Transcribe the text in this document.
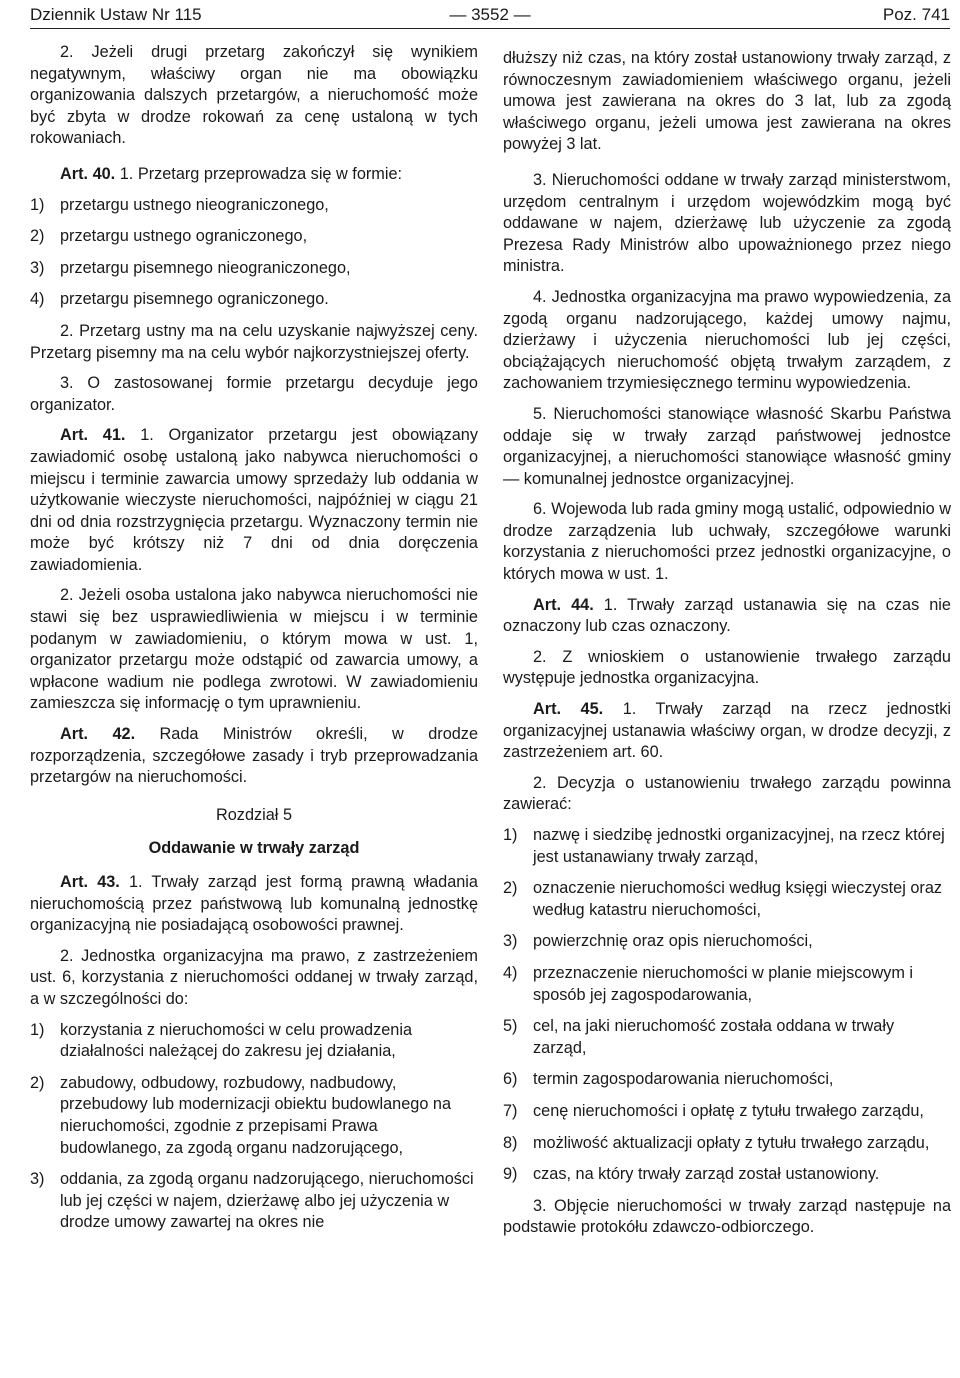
Dziennik Ustaw Nr 115	— 3552 —	Poz. 741

2. Jeżeli drugi przetarg zakończył się wynikiem negatywnym, właściwy organ nie ma obowiązku organizowania dalszych przetargów, a nieruchomość może być zbyta w drodze rokowań za cenę ustaloną w tych rokowaniach.

Art. 40. 1. Przetarg przeprowadza się w formie:

1) przetargu ustnego nieograniczonego,
2) przetargu ustnego ograniczonego,
3) przetargu pisemnego nieograniczonego,
4) przetargu pisemnego ograniczonego.

2. Przetarg ustny ma na celu uzyskanie najwyższej ceny. Przetarg pisemny ma na celu wybór najkorzystniejszej oferty.

3. O zastosowanej formie przetargu decyduje jego organizator.

Art. 41. 1. Organizator przetargu jest obowiązany zawiadomić osobę ustaloną jako nabywca nieruchomości o miejscu i terminie zawarcia umowy sprzedaży lub oddania w użytkowanie wieczyste nieruchomości, najpóźniej w ciągu 21 dni od dnia rozstrzygnięcia przetargu. Wyznaczony termin nie może być krótszy niż 7 dni od dnia doręczenia zawiadomienia.

2. Jeżeli osoba ustalona jako nabywca nieruchomości nie stawi się bez usprawiedliwienia w miejscu i w terminie podanym w zawiadomieniu, o którym mowa w ust. 1, organizator przetargu może odstąpić od zawarcia umowy, a wpłacone wadium nie podlega zwrotowi. W zawiadomieniu zamieszcza się informację o tym uprawnieniu.

Art. 42. Rada Ministrów określi, w drodze rozporządzenia, szczegółowe zasady i tryb przeprowadzania przetargów na nieruchomości.

Rozdział 5

Oddawanie w trwały zarząd

Art. 43. 1. Trwały zarząd jest formą prawną władania nieruchomością przez państwową lub komunalną jednostkę organizacyjną nie posiadającą osobowości prawnej.

2. Jednostka organizacyjna ma prawo, z zastrzeżeniem ust. 6, korzystania z nieruchomości oddanej w trwały zarząd, a w szczególności do:

1) korzystania z nieruchomości w celu prowadzenia działalności należącej do zakresu jej działania,
2) zabudowy, odbudowy, rozbudowy, nadbudowy, przebudowy lub modernizacji obiektu budowlanego na nieruchomości, zgodnie z przepisami Prawa budowlanego, za zgodą organu nadzorującego,
3) oddania, za zgodą organu nadzorującego, nieruchomości lub jej części w najem, dzierżawę albo jej użyczenia w drodze umowy zawartej na okres nie

dłuższy niż czas, na który został ustanowiony trwały zarząd, z równoczesnym zawiadomieniem właściwego organu, jeżeli umowa jest zawierana na okres do 3 lat, lub za zgodą właściwego organu, jeżeli umowa jest zawierana na okres powyżej 3 lat.

3. Nieruchomości oddane w trwały zarząd ministerstwom, urzędom centralnym i urzędom wojewódzkim mogą być oddawane w najem, dzierżawę lub użyczenie za zgodą Prezesa Rady Ministrów albo upoważnionego przez niego ministra.

4. Jednostka organizacyjna ma prawo wypowiedzenia, za zgodą organu nadzorującego, każdej umowy najmu, dzierżawy i użyczenia nieruchomości lub jej części, obciążających nieruchomość objętą trwałym zarządem, z zachowaniem trzymiesięcznego terminu wypowiedzenia.

5. Nieruchomości stanowiące własność Skarbu Państwa oddaje się w trwały zarząd państwowej jednostce organizacyjnej, a nieruchomości stanowiące własność gminy — komunalnej jednostce organizacyjnej.

6. Wojewoda lub rada gminy mogą ustalić, odpowiednio w drodze zarządzenia lub uchwały, szczegółowe warunki korzystania z nieruchomości przez jednostki organizacyjne, o których mowa w ust. 1.

Art. 44. 1. Trwały zarząd ustanawia się na czas nie oznaczony lub czas oznaczony.

2. Z wnioskiem o ustanowienie trwałego zarządu występuje jednostka organizacyjna.

Art. 45. 1. Trwały zarząd na rzecz jednostki organizacyjnej ustanawia właściwy organ, w drodze decyzji, z zastrzeżeniem art. 60.

2. Decyzja o ustanowieniu trwałego zarządu powinna zawierać:

1) nazwę i siedzibę jednostki organizacyjnej, na rzecz której jest ustanawiany trwały zarząd,
2) oznaczenie nieruchomości według księgi wieczystej oraz według katastru nieruchomości,
3) powierzchnię oraz opis nieruchomości,
4) przeznaczenie nieruchomości w planie miejscowym i sposób jej zagospodarowania,
5) cel, na jaki nieruchomość została oddana w trwały zarząd,
6) termin zagospodarowania nieruchomości,
7) cenę nieruchomości i opłatę z tytułu trwałego zarządu,
8) możliwość aktualizacji opłaty z tytułu trwałego zarządu,
9) czas, na który trwały zarząd został ustanowiony.

3. Objęcie nieruchomości w trwały zarząd następuje na podstawie protokółu zdawczo-odbiorczego.
